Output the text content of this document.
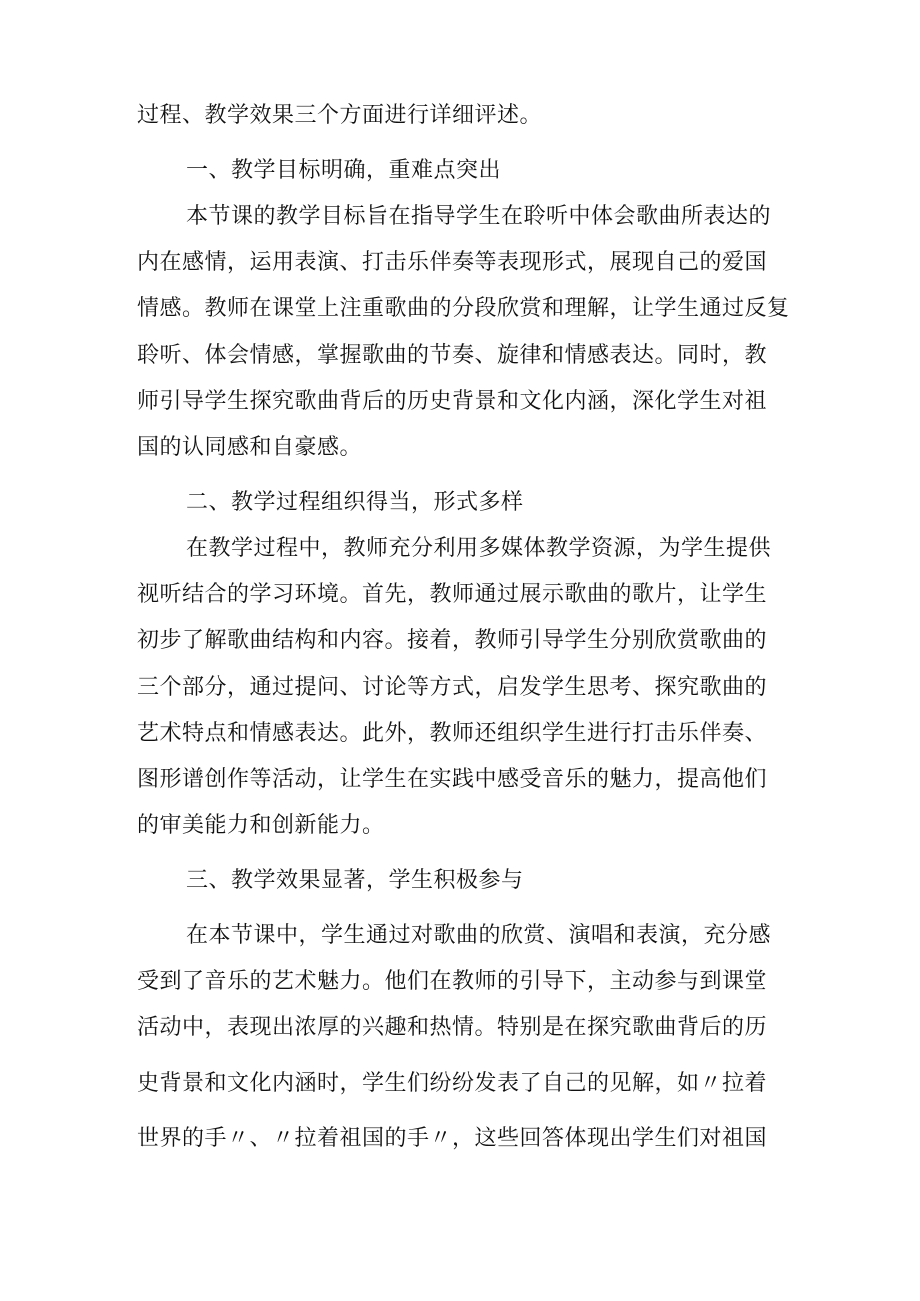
过程、教学效果三个方面进行详细评述。
一、教学目标明确，重难点突出
本节课的教学目标旨在指导学生在聆听中体会歌曲所表达的
内在感情，运用表演、打击乐伴奏等表现形式，展现自己的爱国
情感。教师在课堂上注重歌曲的分段欣赏和理解，让学生通过反复
聆听、体会情感，掌握歌曲的节奏、旋律和情感表达。同时，教
师引导学生探究歌曲背后的历史背景和文化内涵，深化学生对祖
国的认同感和自豪感。
二、教学过程组织得当，形式多样
在教学过程中，教师充分利用多媒体教学资源，为学生提供
视听结合的学习环境。首先，教师通过展示歌曲的歌片，让学生
初步了解歌曲结构和内容。接着，教师引导学生分别欣赏歌曲的
三个部分，通过提问、讨论等方式，启发学生思考、探究歌曲的
艺术特点和情感表达。此外，教师还组织学生进行打击乐伴奏、
图形谱创作等活动，让学生在实践中感受音乐的魅力，提高他们
的审美能力和创新能力。
三、教学效果显著，学生积极参与
在本节课中，学生通过对歌曲的欣赏、演唱和表演，充分感
受到了音乐的艺术魅力。他们在教师的引导下，主动参与到课堂
活动中，表现出浓厚的兴趣和热情。特别是在探究歌曲背后的历
史背景和文化内涵时，学生们纷纷发表了自己的见解，如〃拉着
世界的手〃、〃拉着祖国的手〃，这些回答体现出学生们对祖国
